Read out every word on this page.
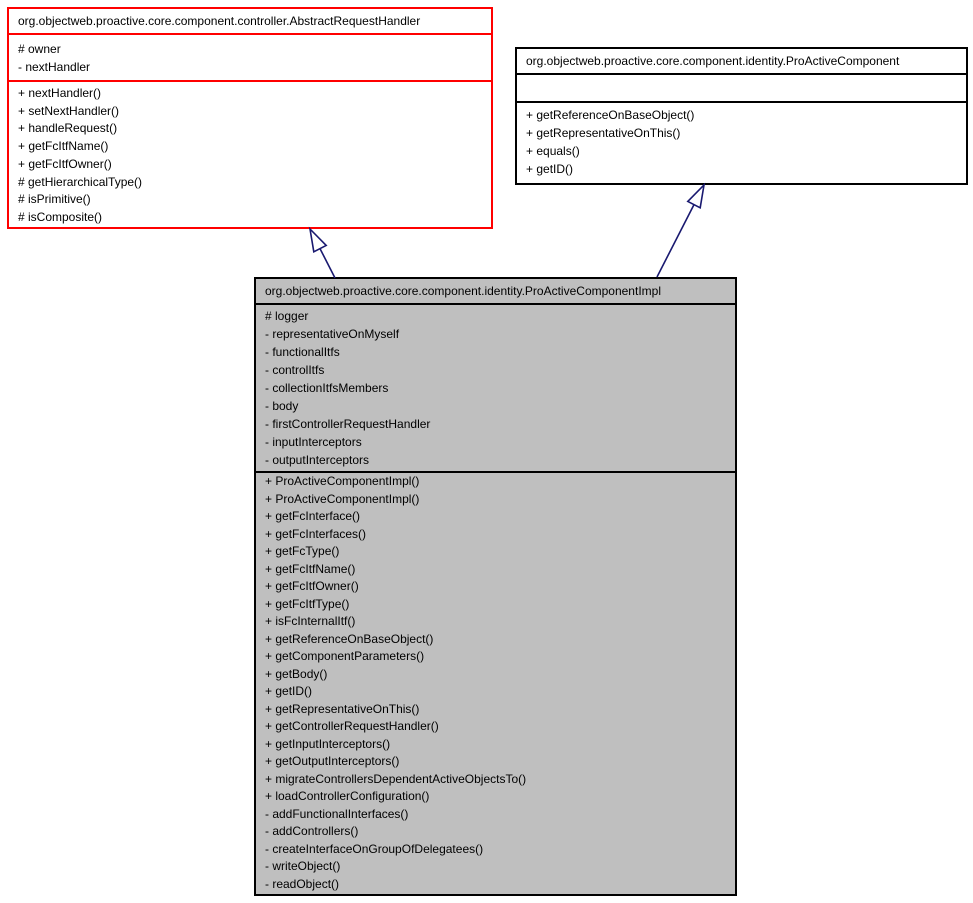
org.objectweb.proactive.core.component.controller.AbstractRequestHandler
# owner
- nextHandler
+ nextHandler()
+ setNextHandler()
+ handleRequest()
+ getFcItfName()
+ getFcItfOwner()
# getHierarchicalType()
# isPrimitive()
# isComposite()
org.objectweb.proactive.core.component.identity.ProActiveComponent
+ getReferenceOnBaseObject()
+ getRepresentativeOnThis()
+ equals()
+ getID()
org.objectweb.proactive.core.component.identity.ProActiveComponentImpl
# logger
- representativeOnMyself
- functionalItfs
- controlItfs
- collectionItfsMembers
- body
- firstControllerRequestHandler
- inputInterceptors
- outputInterceptors
+ ProActiveComponentImpl()
+ ProActiveComponentImpl()
+ getFcInterface()
+ getFcInterfaces()
+ getFcType()
+ getFcItfName()
+ getFcItfOwner()
+ getFcItfType()
+ isFcInternalItf()
+ getReferenceOnBaseObject()
+ getComponentParameters()
+ getBody()
+ getID()
+ getRepresentativeOnThis()
+ getControllerRequestHandler()
+ getInputInterceptors()
+ getOutputInterceptors()
+ migrateControllersDependentActiveObjectsTo()
+ loadControllerConfiguration()
- addFunctionalInterfaces()
- addControllers()
- createInterfaceOnGroupOfDelegatees()
- writeObject()
- readObject()
